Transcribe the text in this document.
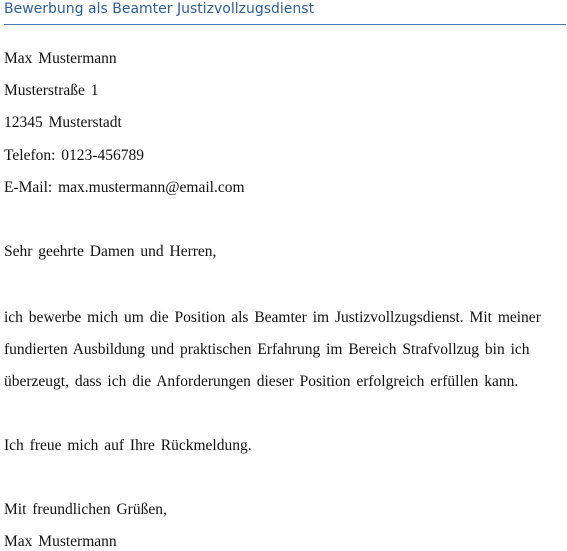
Bewerbung als Beamter Justizvollzugsdienst
Max Mustermann
Musterstraße 1
12345 Musterstadt
Telefon: 0123-456789
E-Mail: max.mustermann@email.com
Sehr geehrte Damen und Herren,
ich bewerbe mich um die Position als Beamter im Justizvollzugsdienst. Mit meiner
fundierten Ausbildung und praktischen Erfahrung im Bereich Strafvollzug bin ich
überzeugt, dass ich die Anforderungen dieser Position erfolgreich erfüllen kann.
Ich freue mich auf Ihre Rückmeldung.
Mit freundlichen Grüßen,
Max Mustermann
